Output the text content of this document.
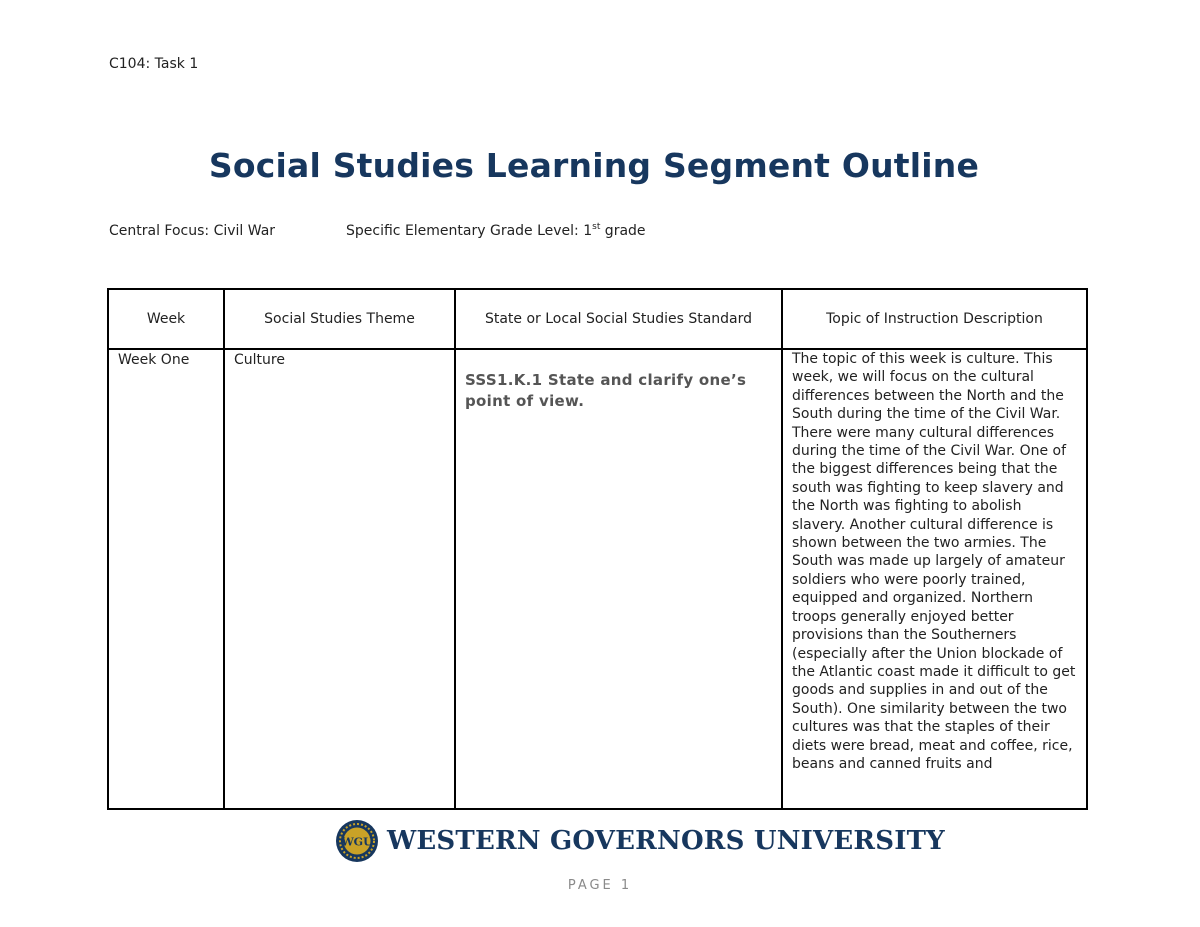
C104: Task 1
Social Studies Learning Segment Outline
Central Focus: Civil War	Specific Elementary Grade Level: 1st grade
Week	Social Studies Theme	State or Local Social Studies Standard	Topic of Instruction Description

Week One	Culture	SSS1.K.1 State and clarify one’s point of view.	The topic of this week is culture. This week, we will focus on the cultural differences between the North and the South during the time of the Civil War. There were many cultural differences during the time of the Civil War. One of the biggest differences being that the south was fighting to keep slavery and the North was fighting to abolish slavery. Another cultural difference is shown between the two armies. The South was made up largely of amateur soldiers who were poorly trained, equipped and organized. Northern troops generally enjoyed better provisions than the Southerners (especially after the Union blockade of the Atlantic coast made it difficult to get goods and supplies in and out of the South). One similarity between the two cultures was that the staples of their diets were bread, meat and coffee, rice, beans and canned fruits and
WGU WESTERN GOVERNORS UNIVERSITY
PAGE 1
